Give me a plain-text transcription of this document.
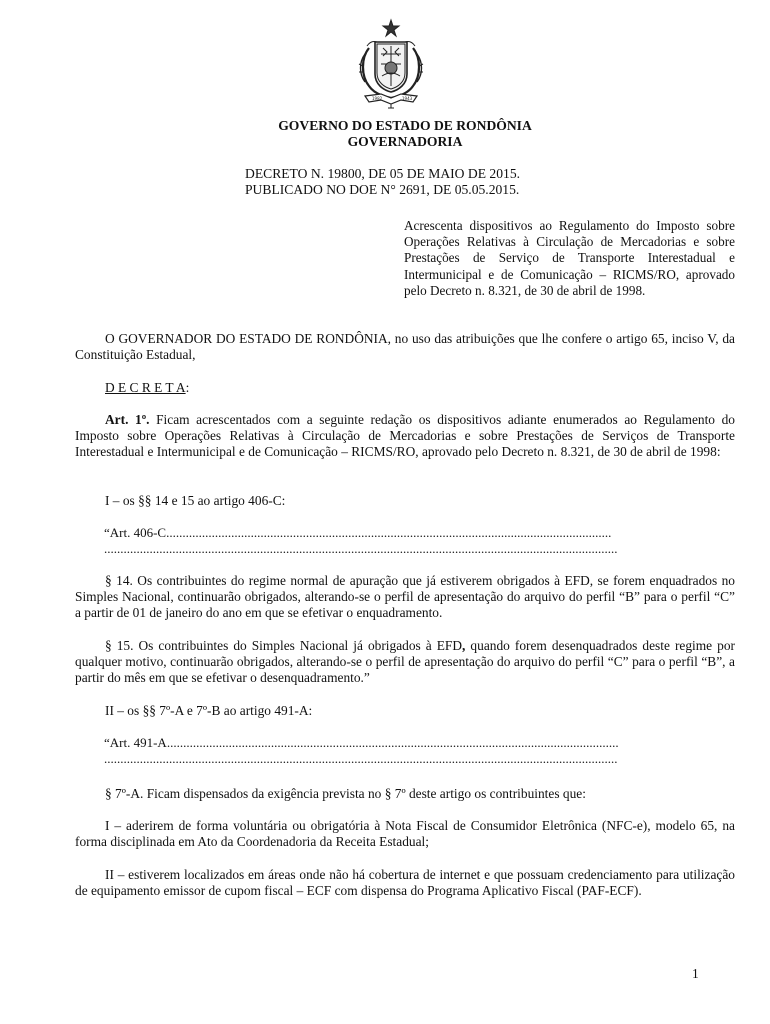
1982	1943
GOVERNO DO ESTADO DE RONDÔNIA
GOVERNADORIA
DECRETO N. 19800, DE 05 DE MAIO DE 2015.
PUBLICADO NO DOE N° 2691, DE 05.05.2015.
Acrescenta dispositivos ao Regulamento do Imposto sobre Operações Relativas à Circulação de Mercadorias e sobre Prestações de Serviço de Transporte Interestadual e Intermunicipal e de Comunicação – RICMS/RO, aprovado pelo Decreto n. 8.321, de 30 de abril de 1998.
O GOVERNADOR DO ESTADO DE RONDÔNIA, no uso das atribuições que lhe confere o artigo 65, inciso V, da Constituição Estadual,
D E C R E T A:
Art. 1º. Ficam acrescentados com a seguinte redação os dispositivos adiante enumerados ao Regulamento do Imposto sobre Operações Relativas à Circulação de Mercadorias e sobre Prestações de Serviços de Transporte Interestadual e Intermunicipal e de Comunicação – RICMS/RO, aprovado pelo Decreto n. 8.321, de 30 de abril de 1998:
I – os §§ 14 e 15 ao artigo 406-C:
“Art. 406-C.........................................................................................................................................
..............................................................................................................................................................
§ 14. Os contribuintes do regime normal de apuração que já estiverem obrigados à EFD, se forem enquadrados no Simples Nacional, continuarão obrigados, alterando-se o perfil de apresentação do arquivo do perfil “B” para o perfil “C” a partir de 01 de janeiro do ano em que se efetivar o enquadramento.
§ 15. Os contribuintes do Simples Nacional já obrigados à EFD, quando forem desenquadrados deste regime por qualquer motivo, continuarão obrigados, alterando-se o perfil de apresentação do arquivo do perfil “C” para o perfil “B”, a partir do mês em que se efetivar o desenquadramento.”
II – os §§ 7º-A e 7º-B ao artigo 491-A:
“Art. 491-A...........................................................................................................................................
..............................................................................................................................................................
§ 7º-A. Ficam dispensados da exigência prevista no § 7º deste artigo os contribuintes que:
I – aderirem de forma voluntária ou obrigatória à Nota Fiscal de Consumidor Eletrônica (NFC-e), modelo 65, na forma disciplinada em Ato da Coordenadoria da Receita Estadual;
II – estiverem localizados em áreas onde não há cobertura de internet e que possuam credenciamento para utilização de equipamento emissor de cupom fiscal – ECF com dispensa do Programa Aplicativo Fiscal (PAF-ECF).
1
